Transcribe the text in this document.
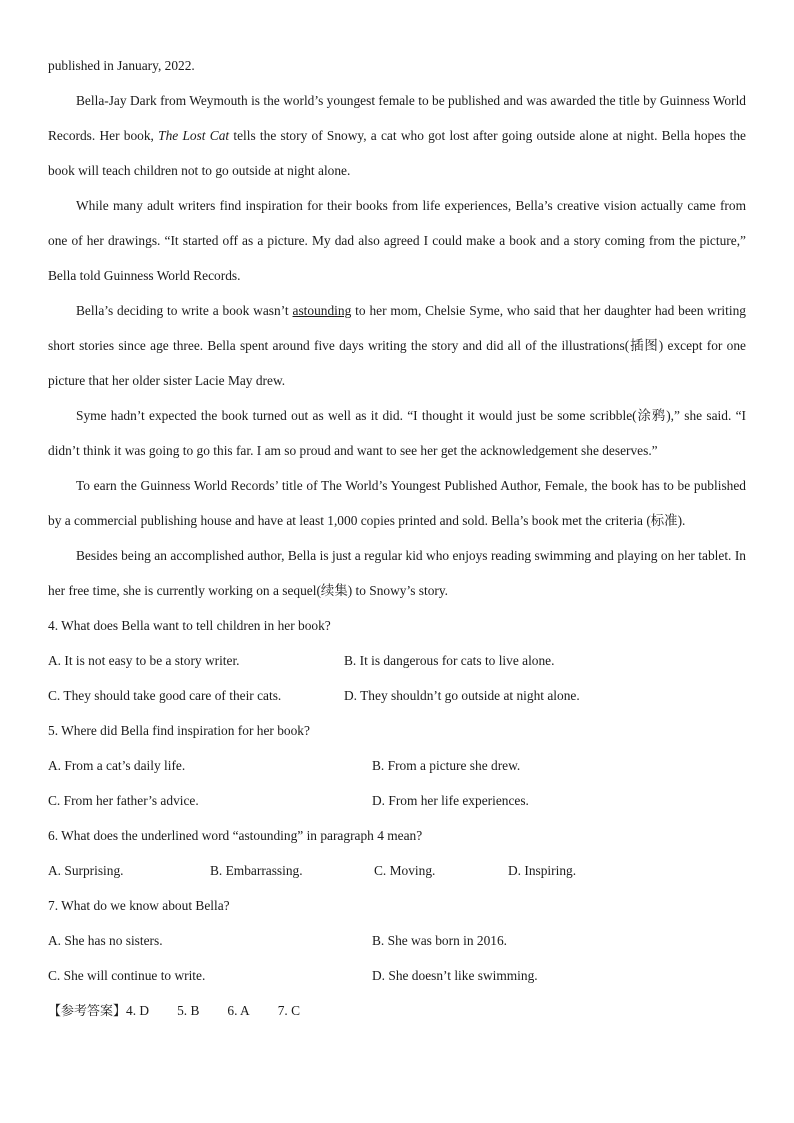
published in January, 2022.

Bella-Jay Dark from Weymouth is the world’s youngest female to be published and was awarded the title by Guinness World Records. Her book, The Lost Cat tells the story of Snowy, a cat who got lost after going outside alone at night. Bella hopes the book will teach children not to go outside at night alone.

While many adult writers find inspiration for their books from life experiences, Bella’s creative vision actually came from one of her drawings. “It started off as a picture. My dad also agreed I could make a book and a story coming from the picture,” Bella told Guinness World Records.

Bella’s deciding to write a book wasn’t astounding to her mom, Chelsie Syme, who said that her daughter had been writing short stories since age three. Bella spent around five days writing the story and did all of the illustrations(插图) except for one picture that her older sister Lacie May drew.

Syme hadn’t expected the book turned out as well as it did. “I thought it would just be some scribble(涂鸦),” she said. “I didn’t think it was going to go this far. I am so proud and want to see her get the acknowledgement she deserves.”

To earn the Guinness World Records’ title of The World’s Youngest Published Author, Female, the book has to be published by a commercial publishing house and have at least 1,000 copies printed and sold. Bella’s book met the criteria (标准).

Besides being an accomplished author, Bella is just a regular kid who enjoys reading swimming and playing on her tablet. In her free time, she is currently working on a sequel(续集) to Snowy’s story.

4. What does Bella want to tell children in her book?

A. It is not easy to be a story writer.	B. It is dangerous for cats to live alone.
C. They should take good care of their cats.	D. They shouldn’t go outside at night alone.

5. Where did Bella find inspiration for her book?

A. From a cat’s daily life.	B. From a picture she drew.
C. From her father’s advice.	D. From her life experiences.

6. What does the underlined word “astounding” in paragraph 4 mean?

A. Surprising.	B. Embarrassing.	C. Moving.	D. Inspiring.

7. What do we know about Bella?

A. She has no sisters.	B. She was born in 2016.
C. She will continue to write.	D. She doesn’t like swimming.

【参考答案】4. D 5. B 6. A 7. C
